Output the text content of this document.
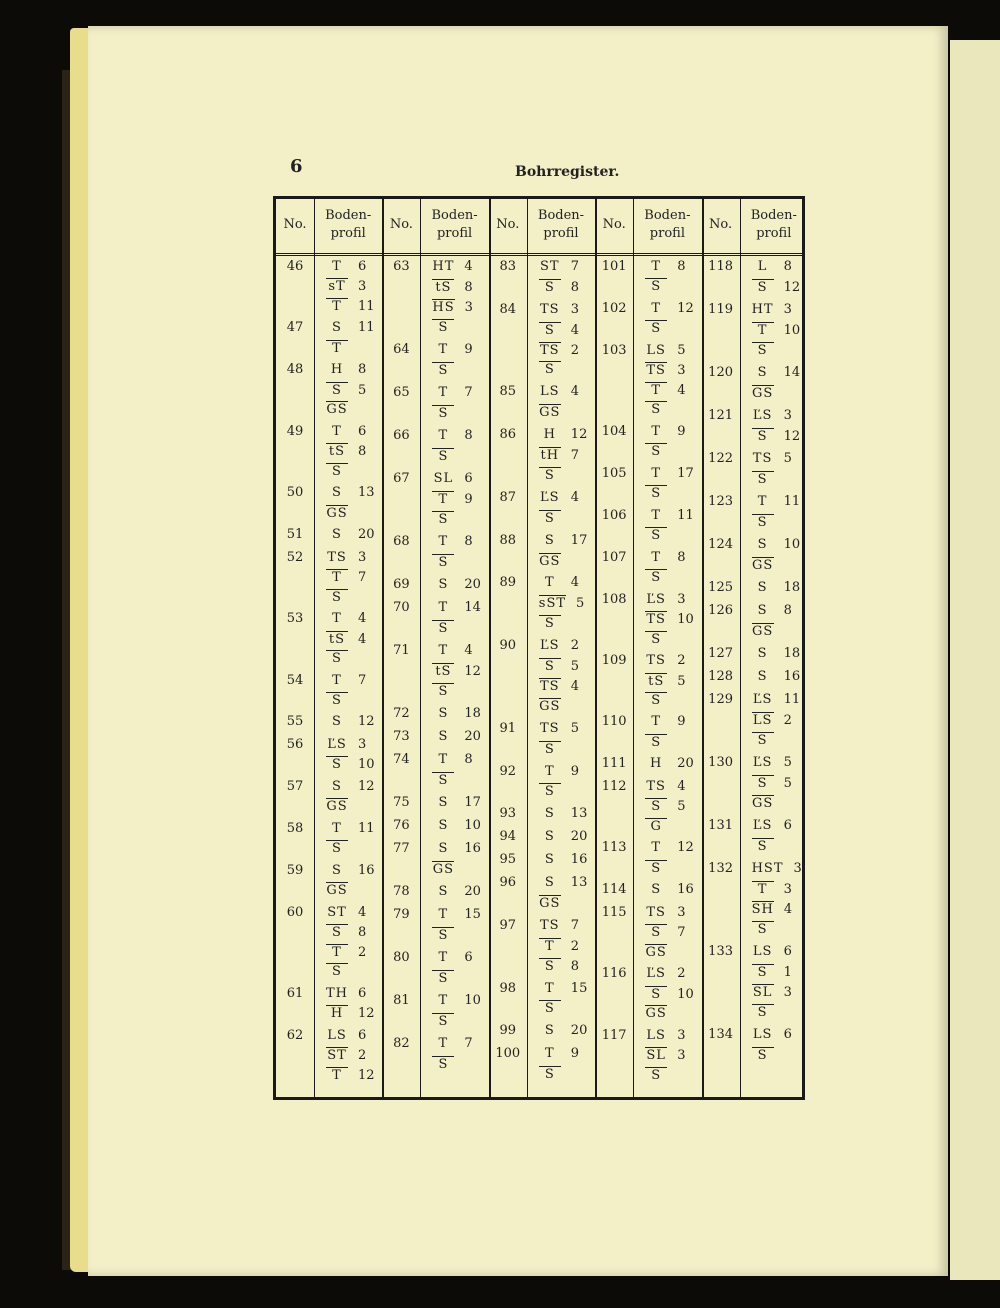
6	Bohrregister.
No.
Boden-
profil
46	T 6
sT 3
T 11
47	S 11
T
48	H 8
S 5
GS
49	T 6
tS 8
S
50	S 13
GS
51	S 20
52	TS 3
T 7
S
53	T 4
tS 4
S
54	T 7
S
55	S 12
56	ĽS 3
S 10
57	S 12
GS
58	T 11
S
59	S 16
GS
60	ST 4
S 8
T 2
S
61	TH 6
H 12
62	LS 6
ST 2
T 12
No.
Boden-
profil
63	HT 4
tS 8
HS 3
S
64	T 9
S
65	T 7
S
66	T 8
S
67	SL 6
T 9
S
68	T 8
S
69	S 20
70	T 14
S
71	T 4
tS 12
S
72	S 18
73	S 20
74	T 8
S
75	S 17
76	S 10
77	S 16
GS
78	S 20
79	T 15
S
80	T 6
S
81	T 10
S
82	T 7
S
No.
Boden-
profil
83	ST 7
S 8
84	TS 3
S 4
TS 2
S
85	LS 4
GS
86	H 12
tH 7
S
87	ĽS 4
S
88	S 17
GS
89	T 4
sST 5
S
90	ĽS 2
S 5
TS 4
GS
91	TS 5
S
92	T 9
S
93	S 13
94	S 20
95	S 16
96	S 13
GS
97	TS 7
T 2
S 8
98	T 15
S
99	S 20
100	T 9
S
No.
Boden-
profil
101	T 8
S
102	T 12
S
103	LS 5
TS 3
T 4
S
104	T 9
S
105	T 17
S
106	T 11
S
107	T 8
S
108	ĽS 3
TS 10
S
109	TS 2
tS 5
S
110	T 9
S
111	H 20
112	TS 4
S 5
G
113	T 12
S
114	S 16
115	TS 3
S 7
GS
116	ĽS 2
S 10
GS
117	LS 3
SL 3
S
No.
Boden-
profil
118	L 8
S 12
119	HT 3
T 10
S
120	S 14
GS
121	ĽS 3
S 12
122	TS 5
S
123	T 11
S
124	S 10
GS
125	S 18
126	S 8
GS
127	S 18
128	S 16
129	ĽS 11
LS 2
S
130	ĽS 5
S 5
GS
131	ĽS 6
S
132	HST 3
T 3
SH 4
S
133	LS 6
S 1
SL 3
S
134	LS 6
S
